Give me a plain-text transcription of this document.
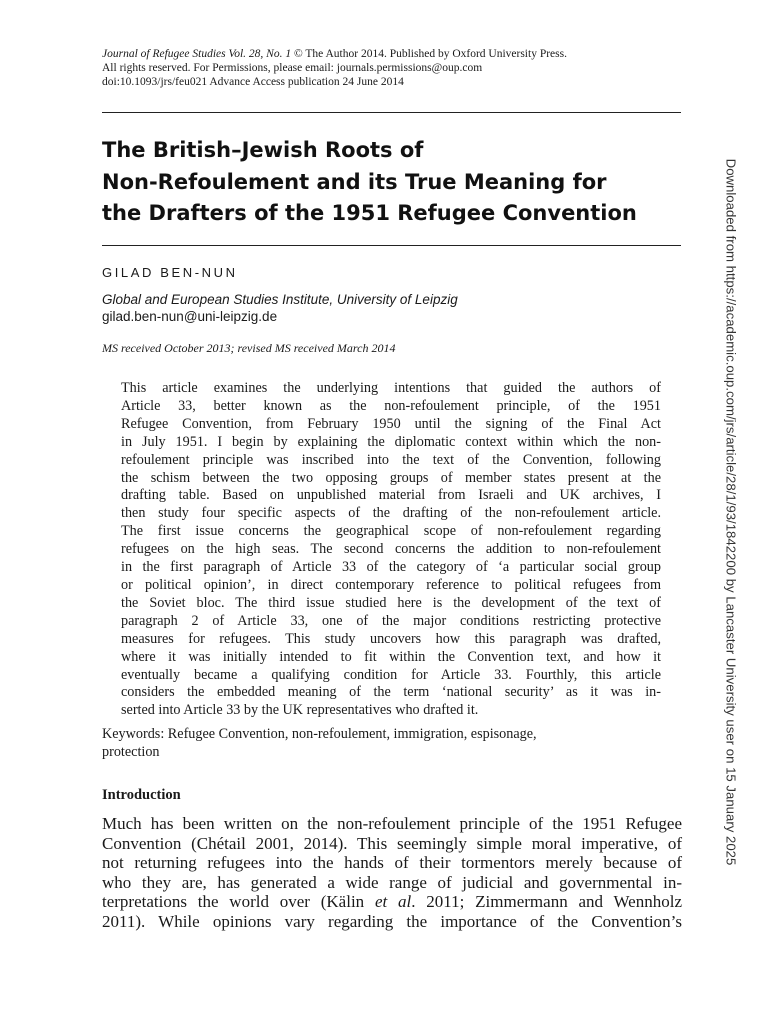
Journal of Refugee Studies Vol. 28, No. 1 © The Author 2014. Published by Oxford University Press.
All rights reserved. For Permissions, please email: journals.permissions@oup.com
doi:10.1093/jrs/feu021 Advance Access publication 24 June 2014
The British–Jewish Roots of
Non-Refoulement and its True Meaning for
the Drafters of the 1951 Refugee Convention
GILAD BEN-NUN
Global and European Studies Institute, University of Leipzig
gilad.ben-nun@uni-leipzig.de
MS received October 2013; revised MS received March 2014
This article examines the underlying intentions that guided the authors of
Article 33, better known as the non-refoulement principle, of the 1951
Refugee Convention, from February 1950 until the signing of the Final Act
in July 1951. I begin by explaining the diplomatic context within which the non-
refoulement principle was inscribed into the text of the Convention, following
the schism between the two opposing groups of member states present at the
drafting table. Based on unpublished material from Israeli and UK archives, I
then study four specific aspects of the drafting of the non-refoulement article.
The first issue concerns the geographical scope of non-refoulement regarding
refugees on the high seas. The second concerns the addition to non-refoulement
in the first paragraph of Article 33 of the category of ‘a particular social group
or political opinion’, in direct contemporary reference to political refugees from
the Soviet bloc. The third issue studied here is the development of the text of
paragraph 2 of Article 33, one of the major conditions restricting protective
measures for refugees. This study uncovers how this paragraph was drafted,
where it was initially intended to fit within the Convention text, and how it
eventually became a qualifying condition for Article 33. Fourthly, this article
considers the embedded meaning of the term ‘national security’ as it was in-
serted into Article 33 by the UK representatives who drafted it.
Keywords: Refugee Convention, non-refoulement, immigration, espisonage,
protection
Introduction
Much has been written on the non-refoulement principle of the 1951 Refugee
Convention (Chétail 2001, 2014). This seemingly simple moral imperative, of
not returning refugees into the hands of their tormentors merely because of
who they are, has generated a wide range of judicial and governmental in-
terpretations the world over (Kälin et al. 2011; Zimmermann and Wennholz
2011). While opinions vary regarding the importance of the Convention’s
Downloaded from https://academic.oup.com/jrs/article/28/1/93/1842200 by Lancaster University user on 15 January 2025
